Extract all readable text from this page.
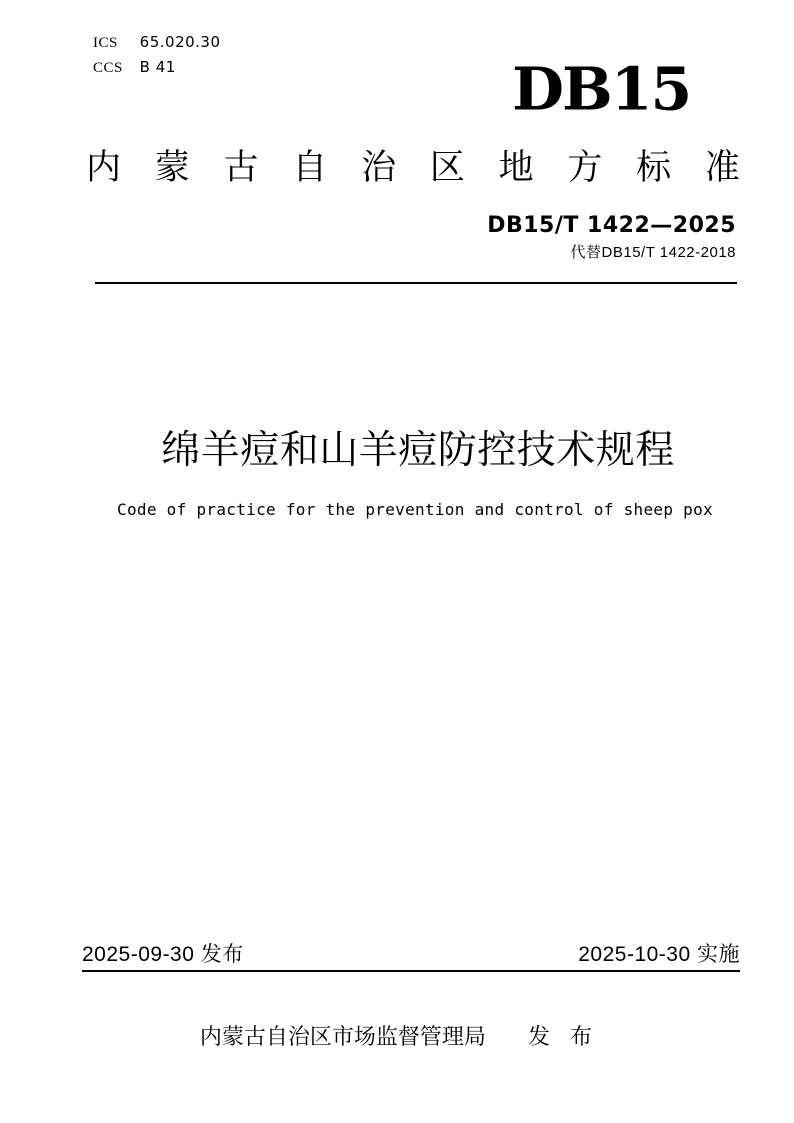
ICS 65.020.30
CCS B 41	DB15
内 蒙 古 自 治 区 地 方 标 准
DB15/T 1422—2025
代替DB15/T 1422-2018
绵羊痘和山羊痘防控技术规程
Code of practice for the prevention and control of sheep pox
2025-09-30 发布	2025-10-30 实施
内蒙古自治区市场监督管理局 发 布
